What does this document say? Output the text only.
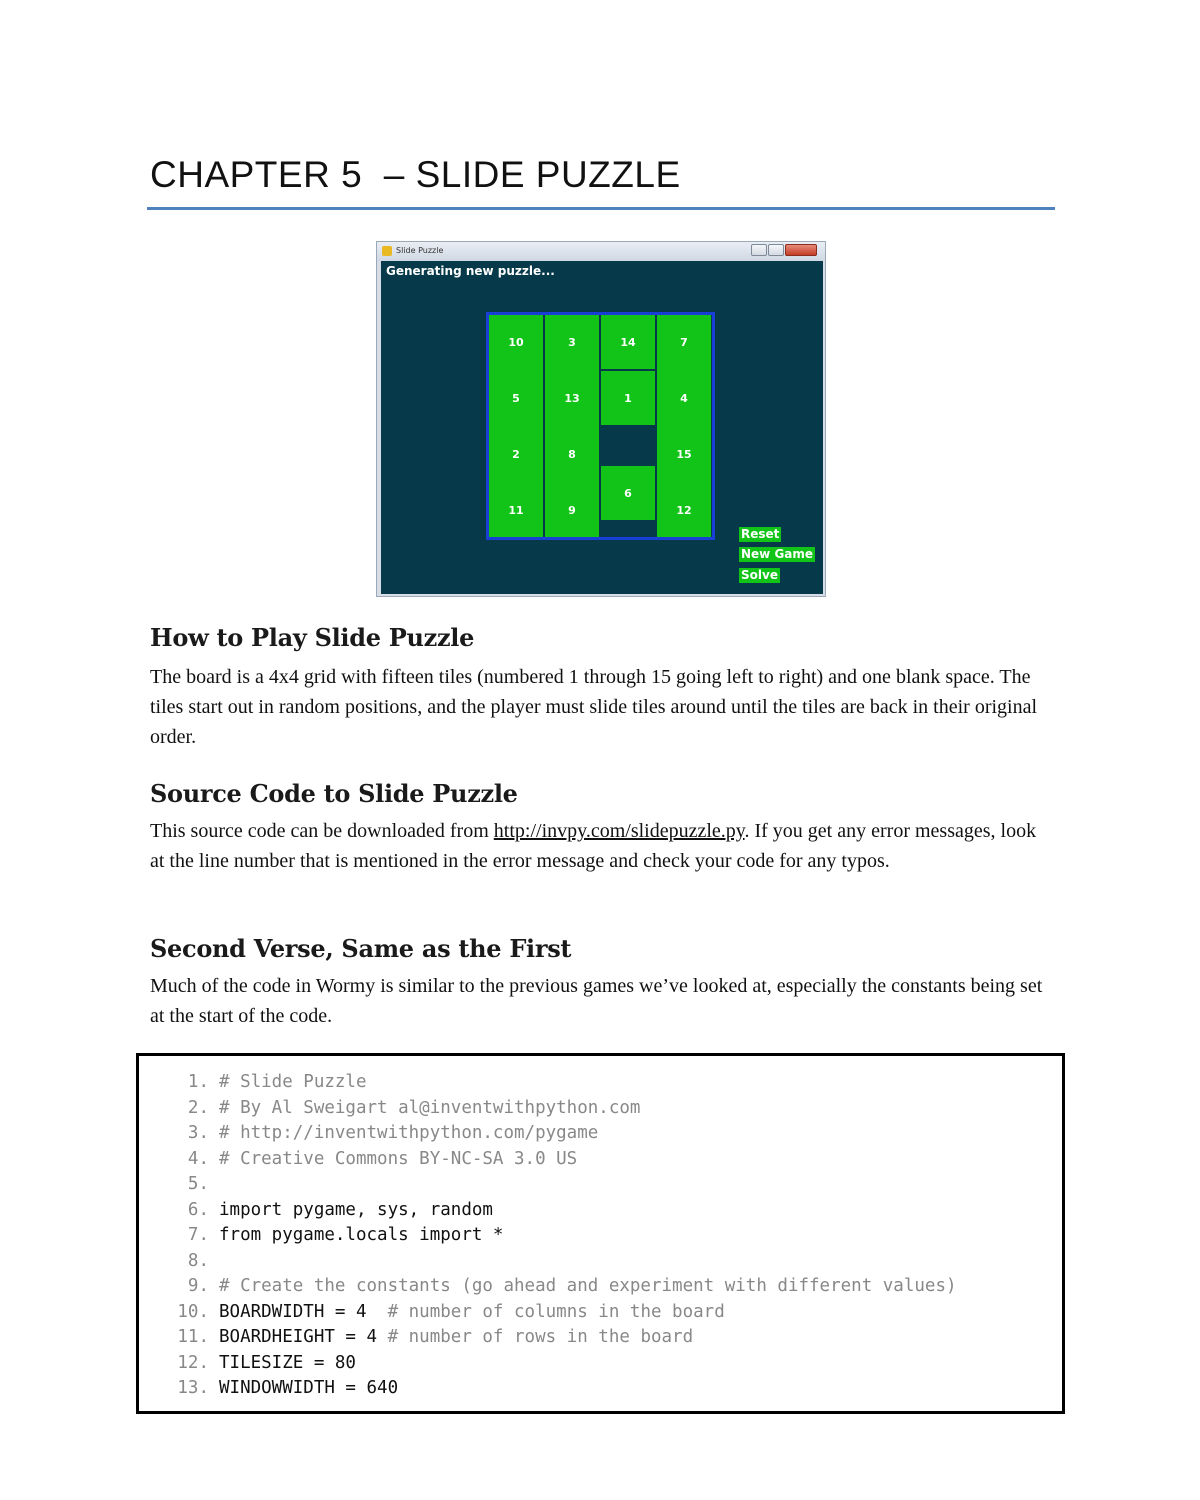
CHAPTER 5  – SLIDE PUZZLE
Slide Puzzle
Generating new puzzle...
10	3	14	7
5	13	1	4
2	8	15
11	9
6
12
Reset
New Game
Solve
How to Play Slide Puzzle

The board is a 4x4 grid with fifteen tiles (numbered 1 through 15 going left to right) and one blank space. The tiles start out in random positions, and the player must slide tiles around until the tiles are back in their original order.

Source Code to Slide Puzzle

This source code can be downloaded from http://invpy.com/slidepuzzle.py. If you get any error messages, look at the line number that is mentioned in the error message and check your code for any typos.

Second Verse, Same as the First

Much of the code in Wormy is similar to the previous games we’ve looked at, especially the constants being set at the start of the code.

1. # Slide Puzzle
2. # By Al Sweigart al@inventwithpython.com
3. # http://inventwithpython.com/pygame
4. # Creative Commons BY-NC-SA 3.0 US
5.
6. import pygame, sys, random
7. from pygame.locals import *
8.
9. # Create the constants (go ahead and experiment with different values)
10. BOARDWIDTH = 4  # number of columns in the board
11. BOARDHEIGHT = 4 # number of rows in the board
12. TILESIZE = 80
13. WINDOWWIDTH = 640
